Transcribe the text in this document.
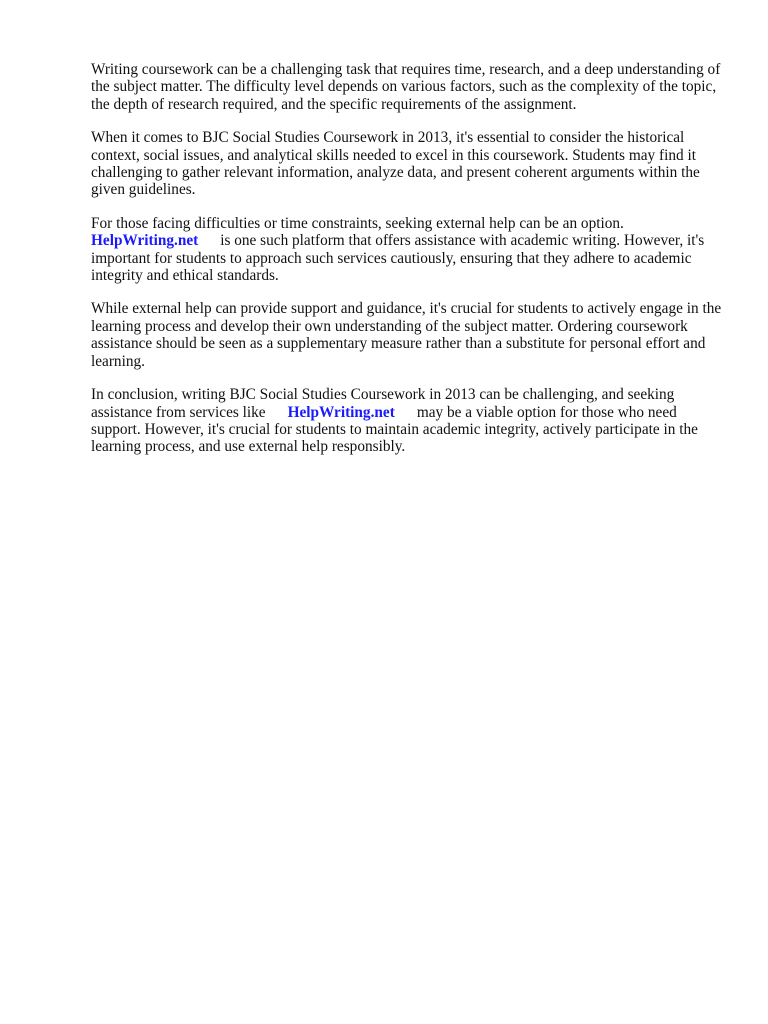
Writing coursework can be a challenging task that requires time, research, and a deep understanding of the subject matter. The difficulty level depends on various factors, such as the complexity of the topic, the depth of research required, and the specific requirements of the assignment.

When it comes to BJC Social Studies Coursework in 2013, it's essential to consider the historical context, social issues, and analytical skills needed to excel in this coursework. Students may find it challenging to gather relevant information, analyze data, and present coherent arguments within the given guidelines.

For those facing difficulties or time constraints, seeking external help can be an option.
HelpWriting.net is one such platform that offers assistance with academic writing. However, it's important for students to approach such services cautiously, ensuring that they adhere to academic integrity and ethical standards.

While external help can provide support and guidance, it's crucial for students to actively engage in the learning process and develop their own understanding of the subject matter. Ordering coursework assistance should be seen as a supplementary measure rather than a substitute for personal effort and learning.

In conclusion, writing BJC Social Studies Coursework in 2013 can be challenging, and seeking assistance from services like HelpWriting.net may be a viable option for those who need support. However, it's crucial for students to maintain academic integrity, actively participate in the learning process, and use external help responsibly.
